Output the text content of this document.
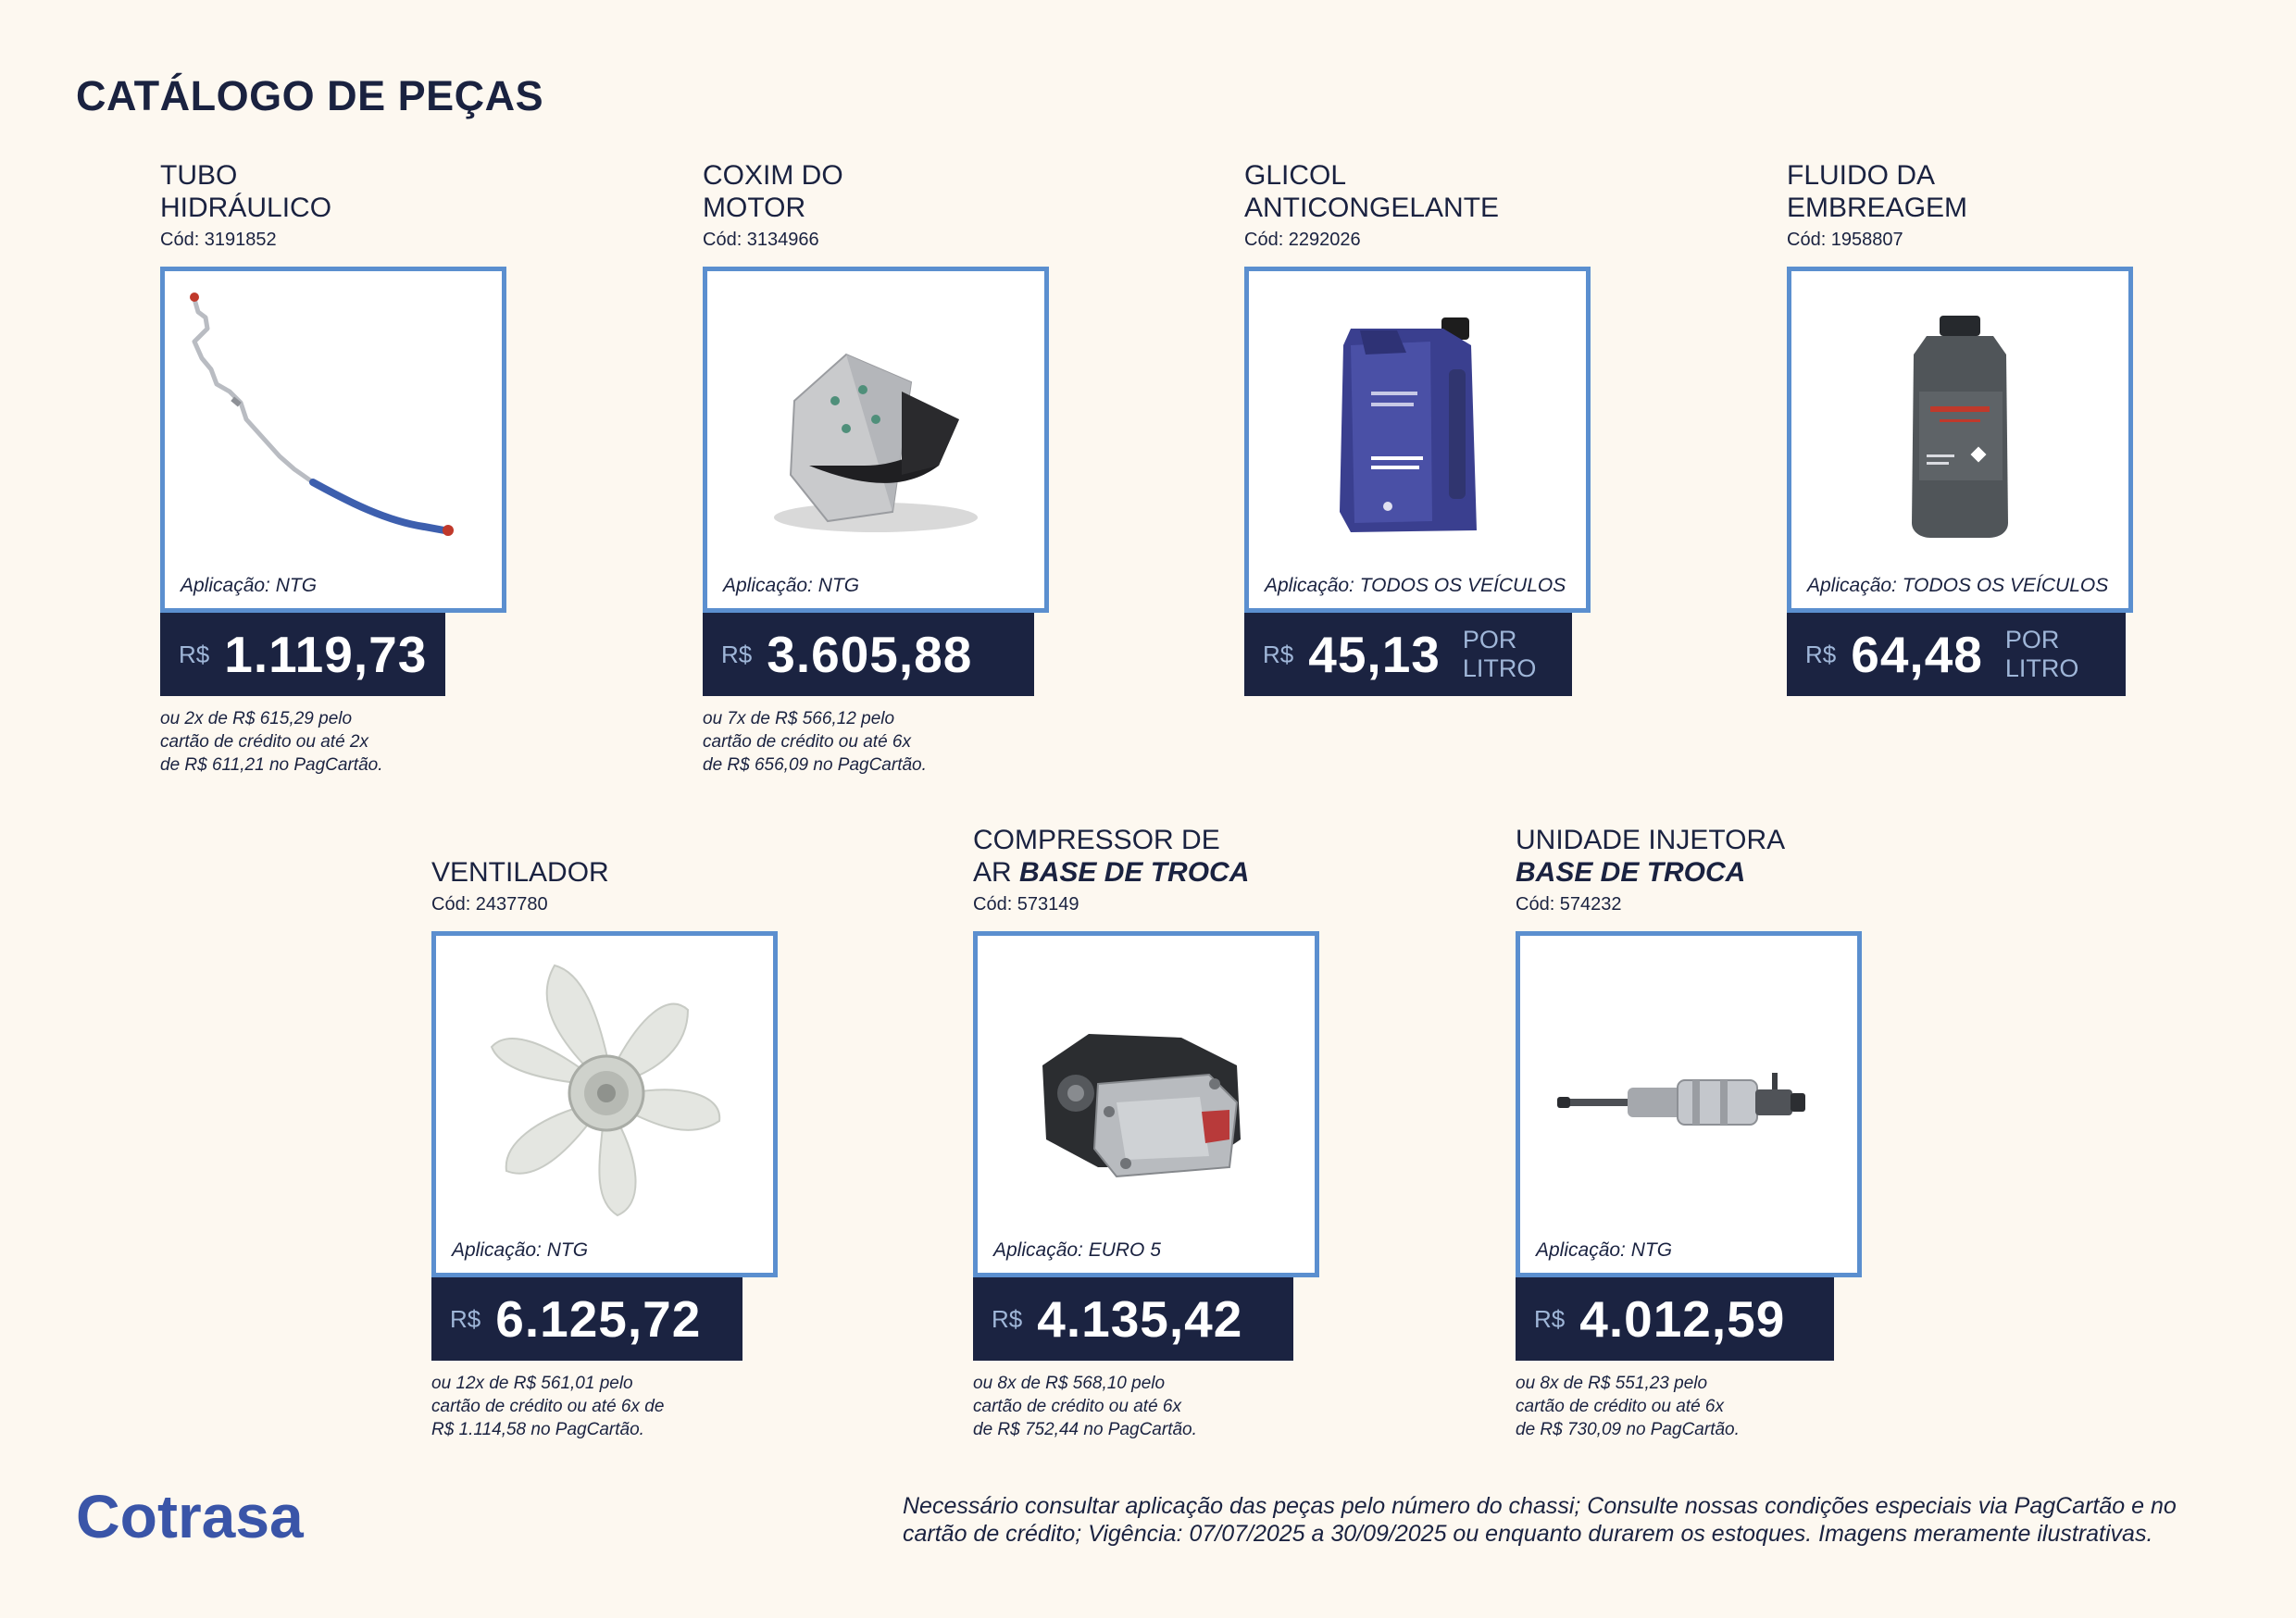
CATÁLOGO DE PEÇAS
TUBO
HIDRÁULICO
Cód: 3191852
Aplicação: NTG
R$ 1.119,73
ou 2x de R$ 615,29 pelo
cartão de crédito ou até 2x
de R$ 611,21 no PagCartão.
COXIM DO
MOTOR
Cód: 3134966
Aplicação: NTG
R$ 3.605,88
ou 7x de R$ 566,12 pelo
cartão de crédito ou até 6x
de R$ 656,09 no PagCartão.
GLICOL
ANTICONGELANTE
Cód: 2292026
Aplicação: TODOS OS VEÍCULOS
R$ 45,13 POR LITRO
FLUIDO DA
EMBREAGEM
Cód: 1958807
Aplicação: TODOS OS VEÍCULOS
R$ 64,48 POR LITRO
VENTILADOR
Cód: 2437780
Aplicação: NTG
R$ 6.125,72
ou 12x de R$ 561,01 pelo
cartão de crédito ou até 6x de
R$ 1.114,58 no PagCartão.
COMPRESSOR DE
AR BASE DE TROCA
Cód: 573149
Aplicação: EURO 5
R$ 4.135,42
ou 8x de R$ 568,10 pelo
cartão de crédito ou até 6x
de R$ 752,44 no PagCartão.
UNIDADE INJETORA
BASE DE TROCA
Cód: 574232
Aplicação: NTG
R$ 4.012,59
ou 8x de R$ 551,23 pelo
cartão de crédito ou até 6x
de R$ 730,09 no PagCartão.
Cotrasa	Necessário consultar aplicação das peças pelo número do chassi; Consulte nossas condições especiais via PagCartão e no
cartão de crédito; Vigência: 07/07/2025 a 30/09/2025 ou enquanto durarem os estoques. Imagens meramente ilustrativas.
